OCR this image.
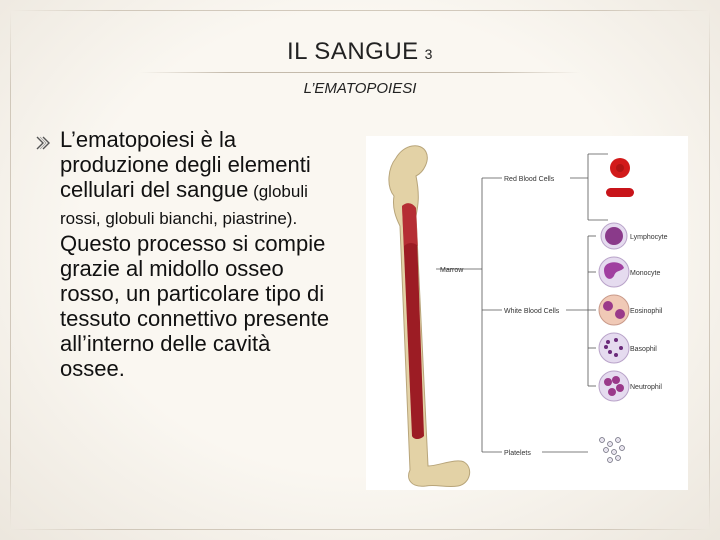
IL SANGUE 3
L’EMATOPOIESI
L’ematopoiesi è la produzione degli elementi cellulari del sangue (globuli rossi, globuli bianchi, piastrine). Questo processo si compie grazie al midollo osseo rosso, un particolare tipo di tessuto connettivo presente all’interno delle cavità ossee.
Marrow
Red Blood Cells
White Blood Cells
Platelets
Lymphocyte
Monocyte
Eosinophil
Basophil
Neutrophil
